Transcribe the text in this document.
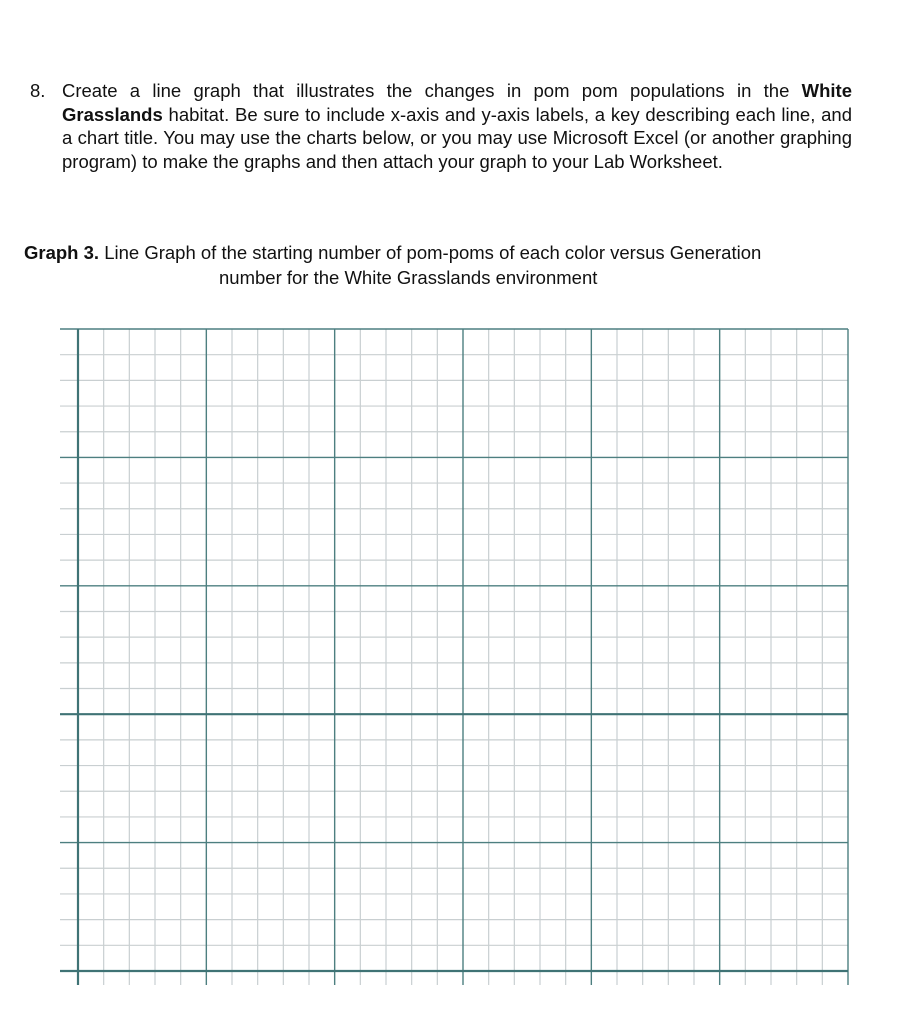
8. Create a line graph that illustrates the changes in pom pom populations in the White Grasslands habitat. Be sure to include x-axis and y-axis labels, a key describing each line, and a chart title. You may use the charts below, or you may use Microsoft Excel (or another graphing program) to make the graphs and then attach your graph to your Lab Worksheet.
Graph 3. Line Graph of the starting number of pom-poms of each color versus Generation
number for the White Grasslands environment
